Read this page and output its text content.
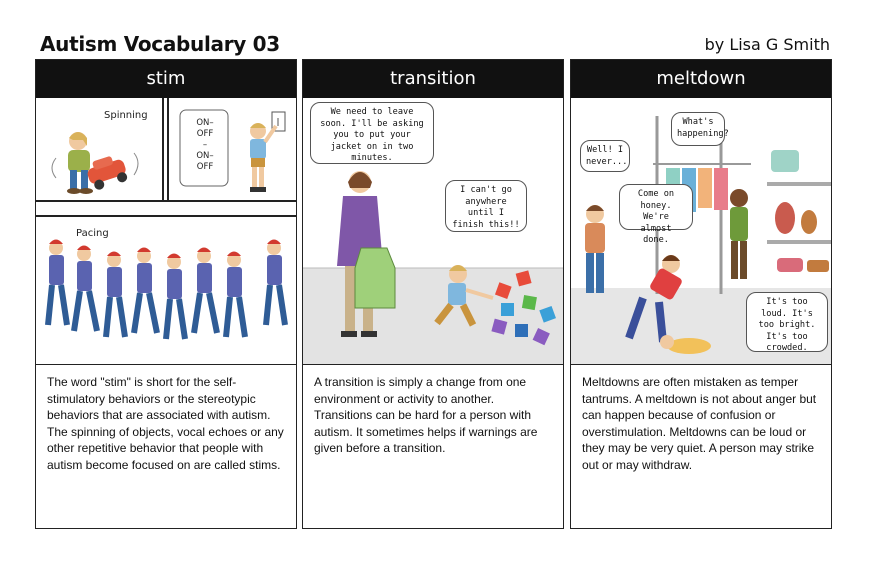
Autism Vocabulary 03	by Lisa G Smith
stim
Spinning
Pacing
ON–
OFF
–
ON–
OFF
The word "stim" is short for the self-stimulatory behaviors or the stereotypic behaviors that are associated with autism. The spinning of objects, vocal echoes or any other repetitive behavior that people with autism become focused on are called stims.
transition
We need to leave soon. I'll be asking you to put your jacket on in two minutes.
I can't go anywhere until I finish this!!
A transition is simply a change from one environment or activity to another. Transitions can be hard for a person with autism. It sometimes helps if warnings are given before a transition.
meltdown
What's happening?
Well! I never...
Come on honey. We're almost done.
It's too loud. It's too bright. It's too crowded.
Meltdowns are often mistaken as temper tantrums. A meltdown is not about anger but can happen because of confusion or overstimulation. Meltdowns can be loud or they may be very quiet. A person may strike out or may withdraw.
